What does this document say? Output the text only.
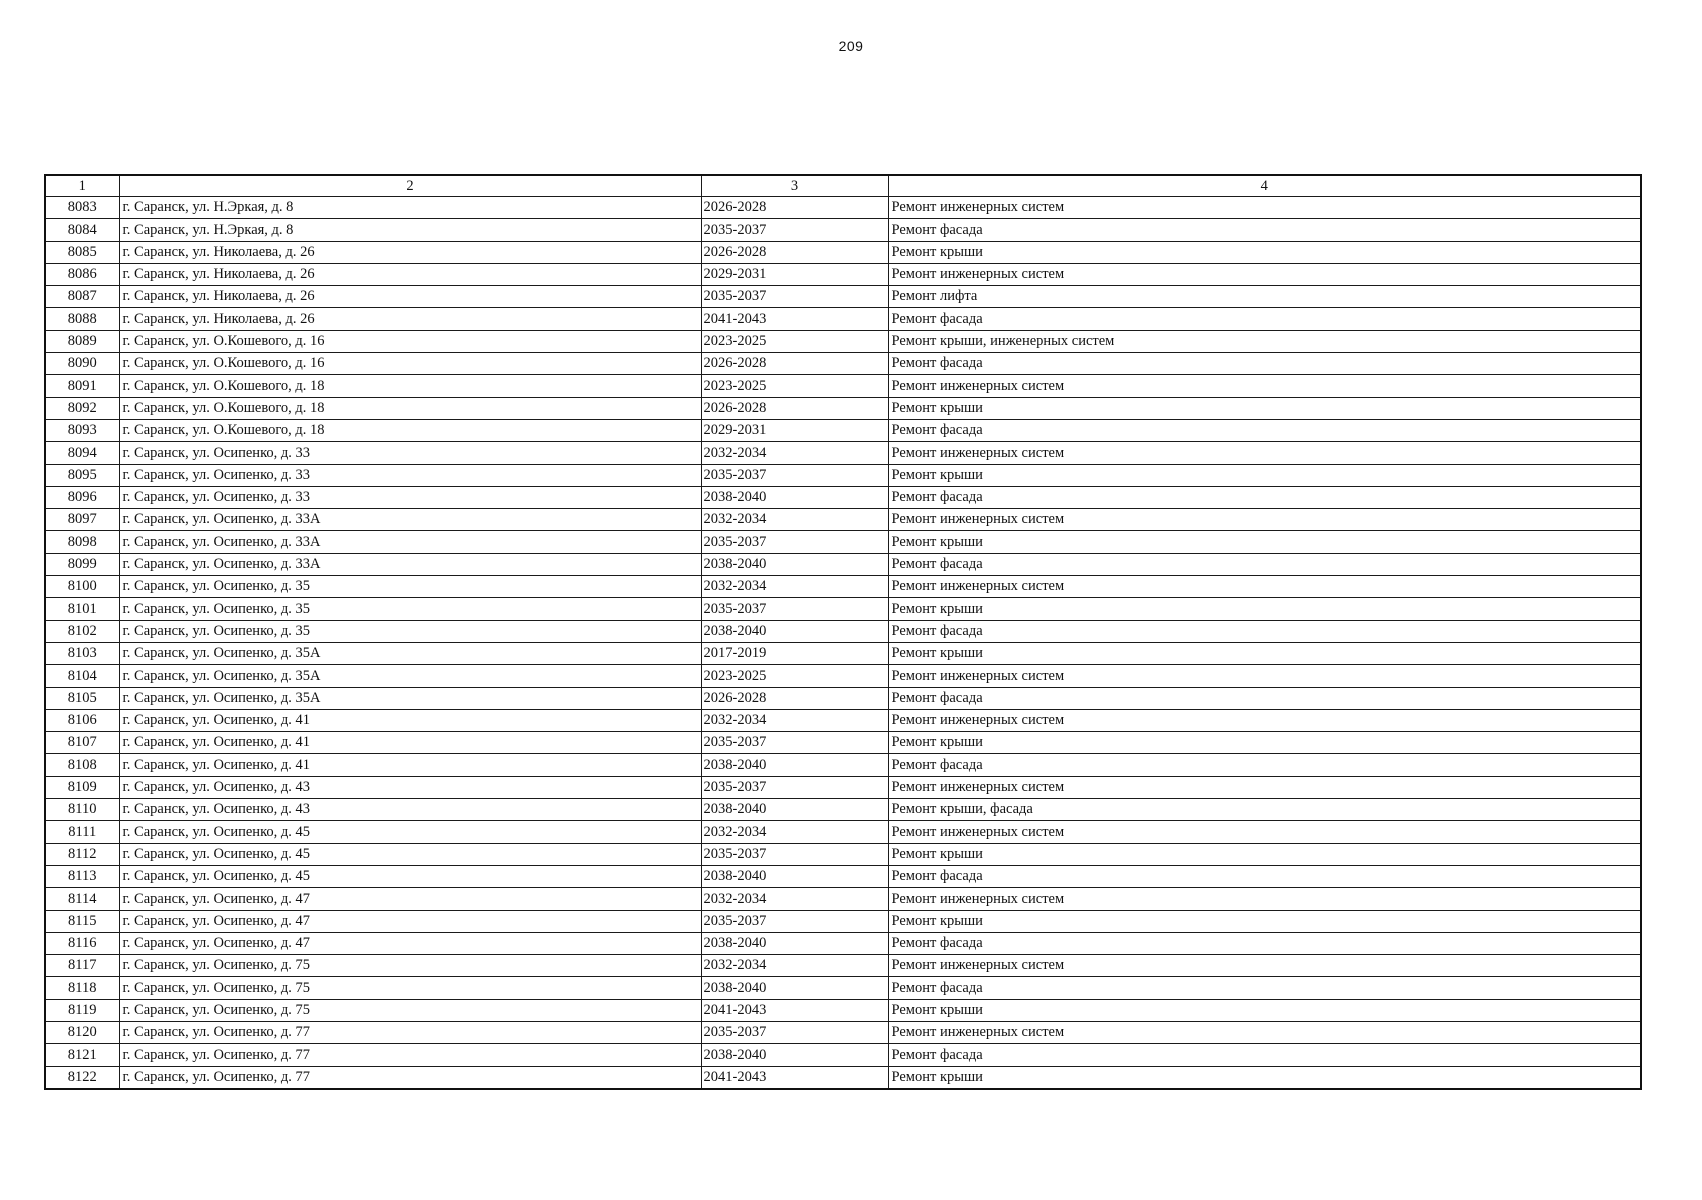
209
1	2	3	4
8083	г. Саранск, ул. Н.Эркая, д. 8	2026-2028	Ремонт инженерных систем
8084	г. Саранск, ул. Н.Эркая, д. 8	2035-2037	Ремонт фасада
8085	г. Саранск, ул. Николаева, д. 26	2026-2028	Ремонт крыши
8086	г. Саранск, ул. Николаева, д. 26	2029-2031	Ремонт инженерных систем
8087	г. Саранск, ул. Николаева, д. 26	2035-2037	Ремонт лифта
8088	г. Саранск, ул. Николаева, д. 26	2041-2043	Ремонт фасада
8089	г. Саранск, ул. О.Кошевого, д. 16	2023-2025	Ремонт крыши, инженерных систем
8090	г. Саранск, ул. О.Кошевого, д. 16	2026-2028	Ремонт фасада
8091	г. Саранск, ул. О.Кошевого, д. 18	2023-2025	Ремонт инженерных систем
8092	г. Саранск, ул. О.Кошевого, д. 18	2026-2028	Ремонт крыши
8093	г. Саранск, ул. О.Кошевого, д. 18	2029-2031	Ремонт фасада
8094	г. Саранск, ул. Осипенко, д. 33	2032-2034	Ремонт инженерных систем
8095	г. Саранск, ул. Осипенко, д. 33	2035-2037	Ремонт крыши
8096	г. Саранск, ул. Осипенко, д. 33	2038-2040	Ремонт фасада
8097	г. Саранск, ул. Осипенко, д. 33А	2032-2034	Ремонт инженерных систем
8098	г. Саранск, ул. Осипенко, д. 33А	2035-2037	Ремонт крыши
8099	г. Саранск, ул. Осипенко, д. 33А	2038-2040	Ремонт фасада
8100	г. Саранск, ул. Осипенко, д. 35	2032-2034	Ремонт инженерных систем
8101	г. Саранск, ул. Осипенко, д. 35	2035-2037	Ремонт крыши
8102	г. Саранск, ул. Осипенко, д. 35	2038-2040	Ремонт фасада
8103	г. Саранск, ул. Осипенко, д. 35А	2017-2019	Ремонт крыши
8104	г. Саранск, ул. Осипенко, д. 35А	2023-2025	Ремонт инженерных систем
8105	г. Саранск, ул. Осипенко, д. 35А	2026-2028	Ремонт фасада
8106	г. Саранск, ул. Осипенко, д. 41	2032-2034	Ремонт инженерных систем
8107	г. Саранск, ул. Осипенко, д. 41	2035-2037	Ремонт крыши
8108	г. Саранск, ул. Осипенко, д. 41	2038-2040	Ремонт фасада
8109	г. Саранск, ул. Осипенко, д. 43	2035-2037	Ремонт инженерных систем
8110	г. Саранск, ул. Осипенко, д. 43	2038-2040	Ремонт крыши, фасада
8111	г. Саранск, ул. Осипенко, д. 45	2032-2034	Ремонт инженерных систем
8112	г. Саранск, ул. Осипенко, д. 45	2035-2037	Ремонт крыши
8113	г. Саранск, ул. Осипенко, д. 45	2038-2040	Ремонт фасада
8114	г. Саранск, ул. Осипенко, д. 47	2032-2034	Ремонт инженерных систем
8115	г. Саранск, ул. Осипенко, д. 47	2035-2037	Ремонт крыши
8116	г. Саранск, ул. Осипенко, д. 47	2038-2040	Ремонт фасада
8117	г. Саранск, ул. Осипенко, д. 75	2032-2034	Ремонт инженерных систем
8118	г. Саранск, ул. Осипенко, д. 75	2038-2040	Ремонт фасада
8119	г. Саранск, ул. Осипенко, д. 75	2041-2043	Ремонт крыши
8120	г. Саранск, ул. Осипенко, д. 77	2035-2037	Ремонт инженерных систем
8121	г. Саранск, ул. Осипенко, д. 77	2038-2040	Ремонт фасада
8122	г. Саранск, ул. Осипенко, д. 77	2041-2043	Ремонт крыши
